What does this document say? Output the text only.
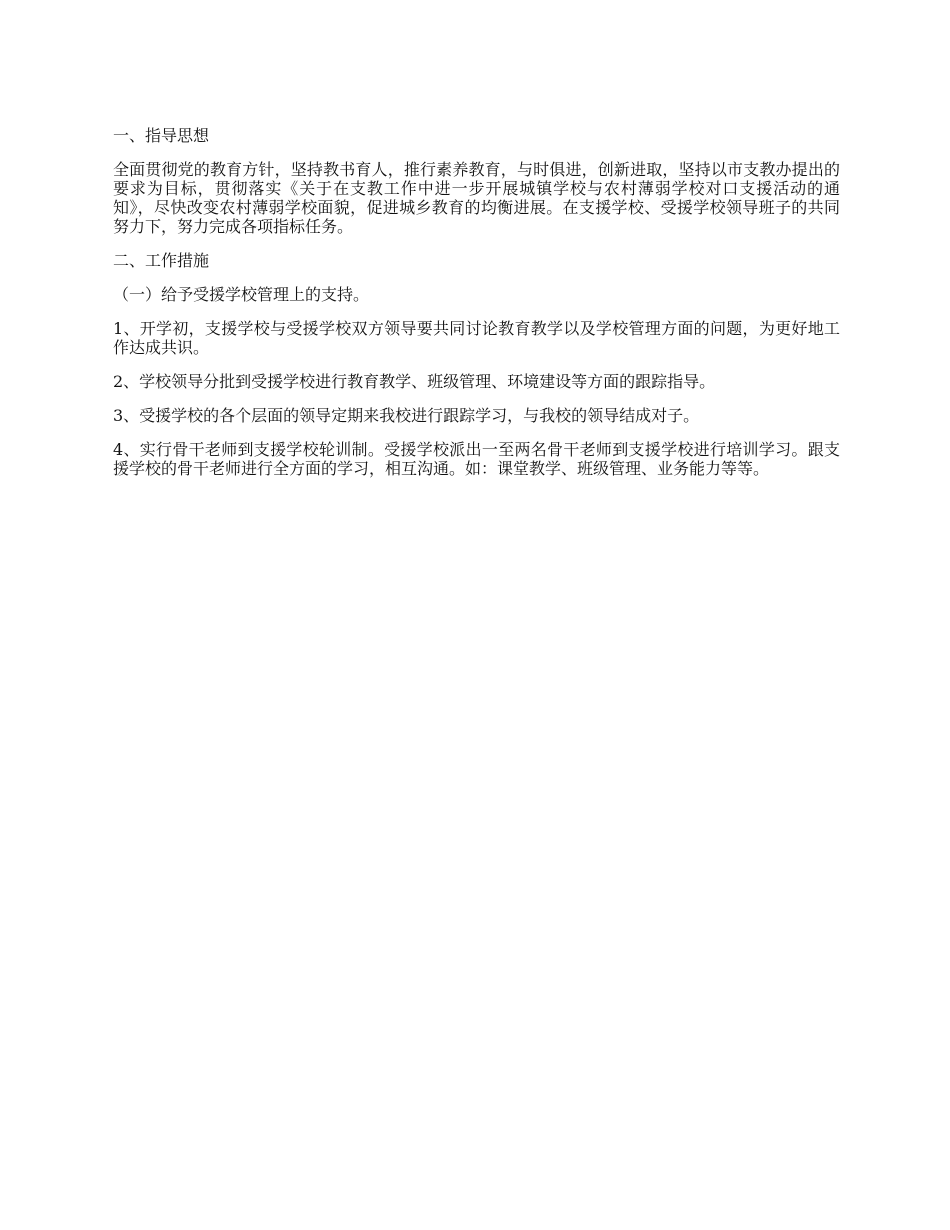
一、指导思想

全面贯彻党的教育方针，坚持教书育人，推行素养教育，与时俱进，创新进取，坚持以市支教办提出的要求为目标，贯彻落实《关于在支教工作中进一步开展城镇学校与农村薄弱学校对口支援活动的通知》，尽快改变农村薄弱学校面貌，促进城乡教育的均衡进展。在支援学校、受援学校领导班子的共同努力下，努力完成各项指标任务。

二、工作措施

（一）给予受援学校管理上的支持。

1、开学初，支援学校与受援学校双方领导要共同讨论教育教学以及学校管理方面的问题，为更好地工作达成共识。

2、学校领导分批到受援学校进行教育教学、班级管理、环境建设等方面的跟踪指导。

3、受援学校的各个层面的领导定期来我校进行跟踪学习，与我校的领导结成对子。

4、实行骨干老师到支援学校轮训制。受援学校派出一至两名骨干老师到支援学校进行培训学习。跟支援学校的骨干老师进行全方面的学习，相互沟通。如：课堂教学、班级管理、业务能力等等。
